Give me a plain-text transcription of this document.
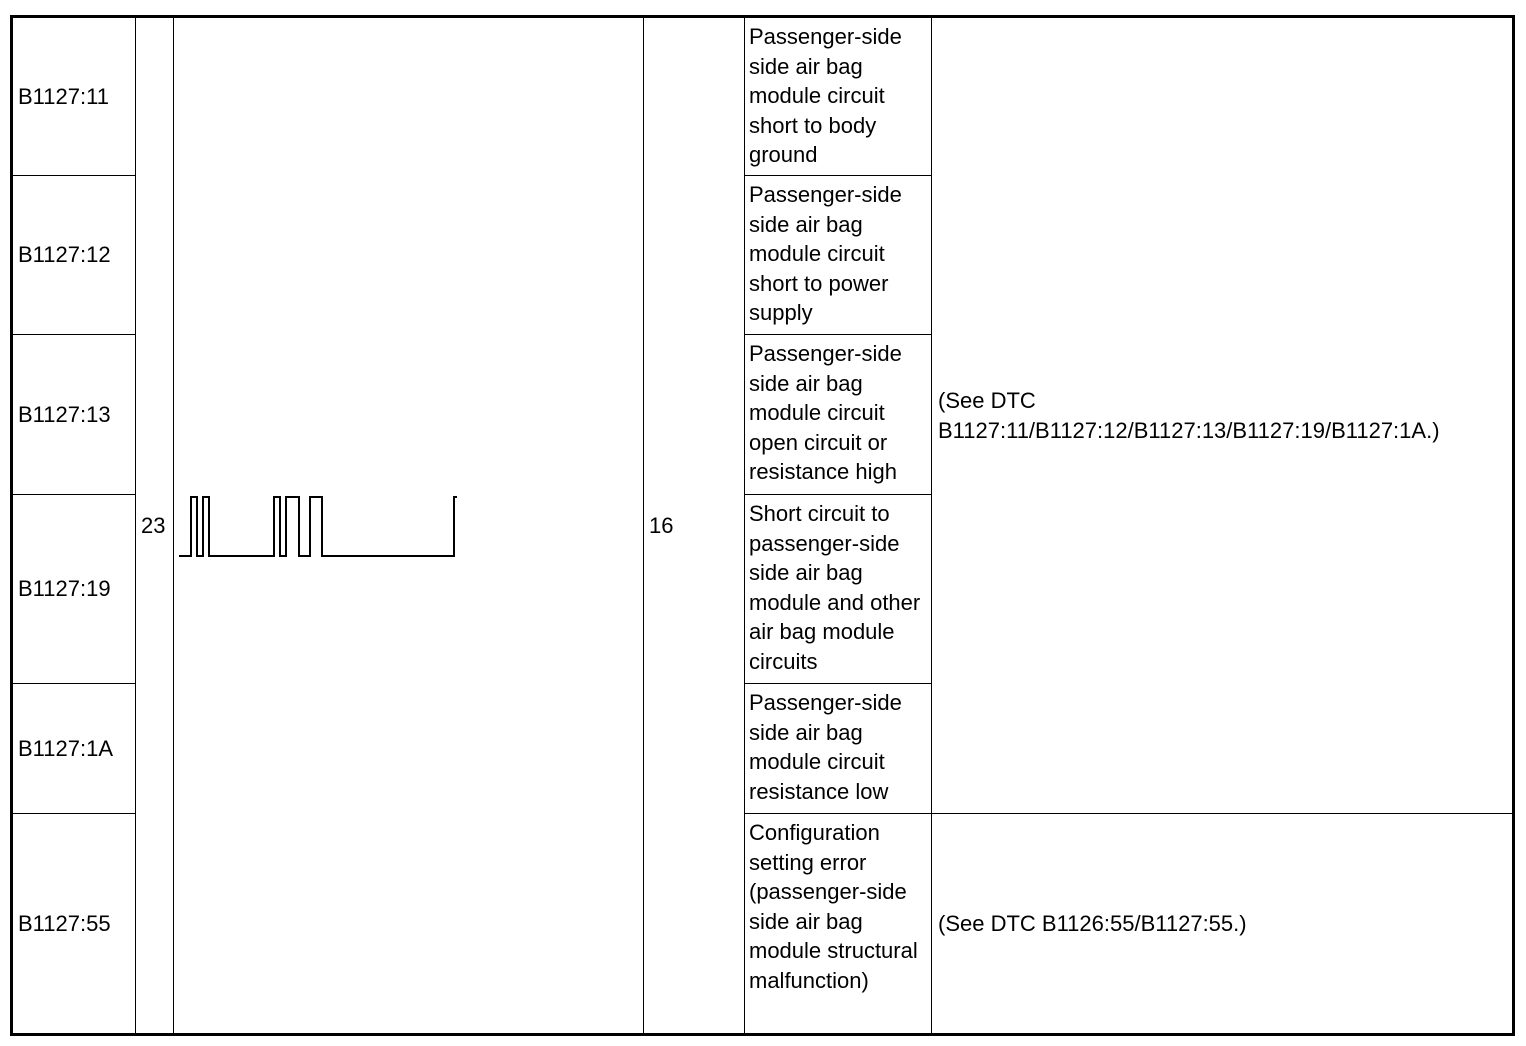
B1127:11	23		16	Passenger-side side air bag module circuit short to body ground	(See DTC
B1127:11/B1127:12/B1127:13/B1127:19/B1127:1A.)

B1127:12				Passenger-side side air bag module circuit short to power supply	

B1127:13				Passenger-side side air bag module circuit open circuit or resistance high	

B1127:19				Short circuit to passenger-side side air bag module and other air bag module circuits	

B1127:1A				Passenger-side side air bag module circuit resistance low	

B1127:55				Configuration setting error (passenger-side side air bag module structural malfunction)	(See DTC B1126:55/B1127:55.)
